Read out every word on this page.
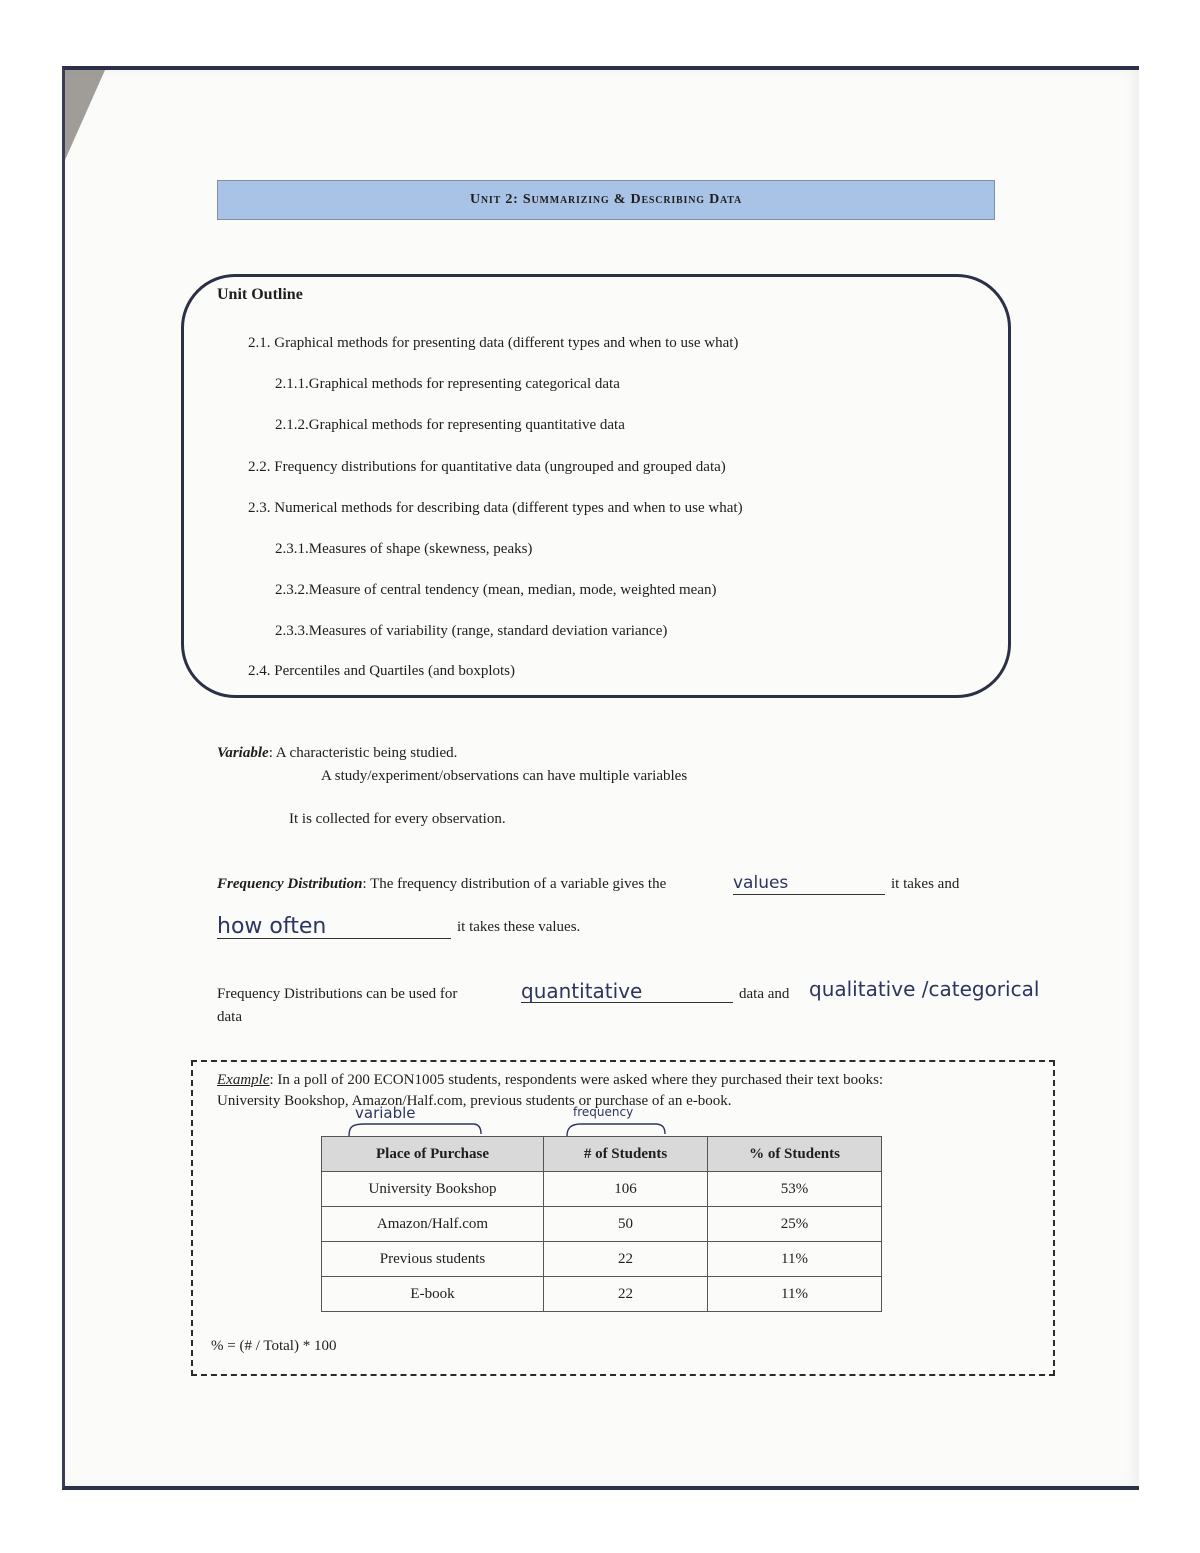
Unit 2: Summarizing & Describing Data
Unit Outline
2.1. Graphical methods for presenting data (different types and when to use what)
2.1.1.Graphical methods for representing categorical data
2.1.2.Graphical methods for representing quantitative data
2.2. Frequency distributions for quantitative data (ungrouped and grouped data)
2.3. Numerical methods for describing data (different types and when to use what)
2.3.1.Measures of shape (skewness, peaks)
2.3.2.Measure of central tendency (mean, median, mode, weighted mean)
2.3.3.Measures of variability (range, standard deviation variance)
2.4. Percentiles and Quartiles (and boxplots)
Variable: A characteristic being studied.
A study/experiment/observations can have multiple variables
It is collected for every observation.
Frequency Distribution: The frequency distribution of a variable gives the	values	it takes and
how often	it takes these values.
Frequency Distributions can be used for	quantitative	data and qualitative /categorical
data
Example: In a poll of 200 ECON1005 students, respondents were asked where they purchased their text books:
University Bookshop, Amazon/Half.com, previous students or purchase of an e-book.
variable	frequency
Place of Purchase	# of Students	% of Students
University Bookshop	106	53%
Amazon/Half.com	50	25%
Previous students	22	11%
E-book	22	11%
% = (# / Total) * 100
